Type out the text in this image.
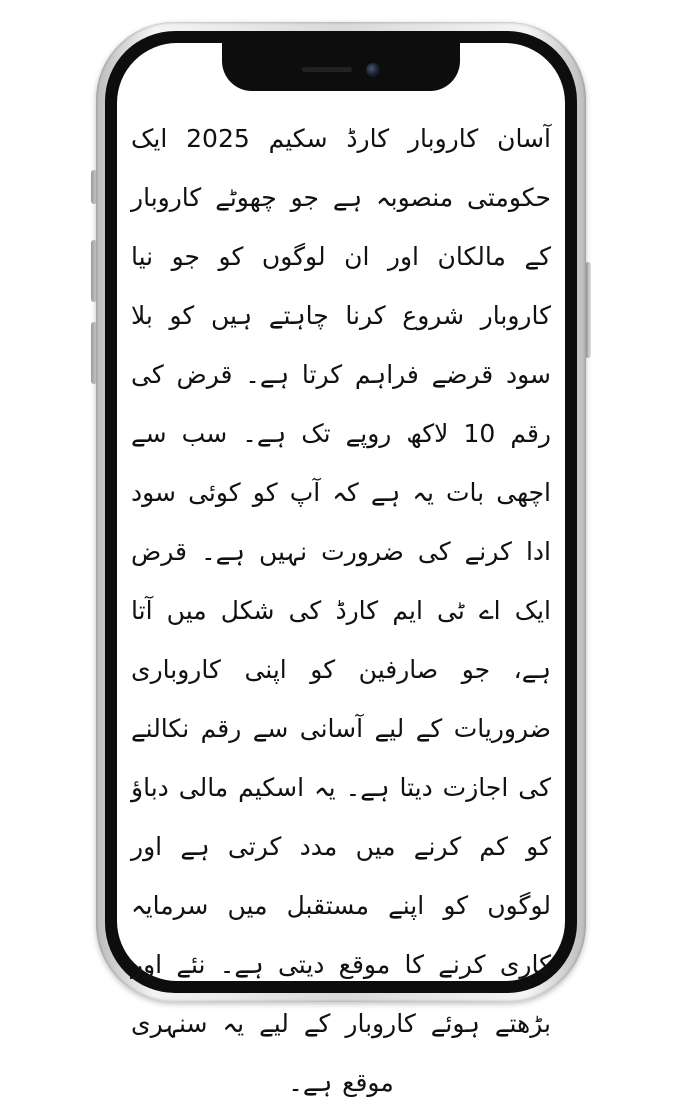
آسان کاروبار کارڈ سکیم 2025 ایک حکومتی منصوبہ ہے جو چھوٹے کاروبار کے مالکان اور ان لوگوں کو جو نیا کاروبار شروع کرنا چاہتے ہیں کو بلا سود قرضے فراہم کرتا ہے۔ قرض کی رقم 10 لاکھ روپے تک ہے۔ سب سے اچھی بات یہ ہے کہ آپ کو کوئی سود ادا کرنے کی ضرورت نہیں ہے۔ قرض ایک اے ٹی ایم کارڈ کی شکل میں آتا ہے، جو صارفین کو اپنی کاروباری ضروریات کے لیے آسانی سے رقم نکالنے کی اجازت دیتا ہے۔ یہ اسکیم مالی دباؤ کو کم کرنے میں مدد کرتی ہے اور لوگوں کو اپنے مستقبل میں سرمایہ کاری کرنے کا موقع دیتی ہے۔ نئے اور بڑھتے ہوئے کاروبار کے لیے یہ سنہری موقع ہے۔
